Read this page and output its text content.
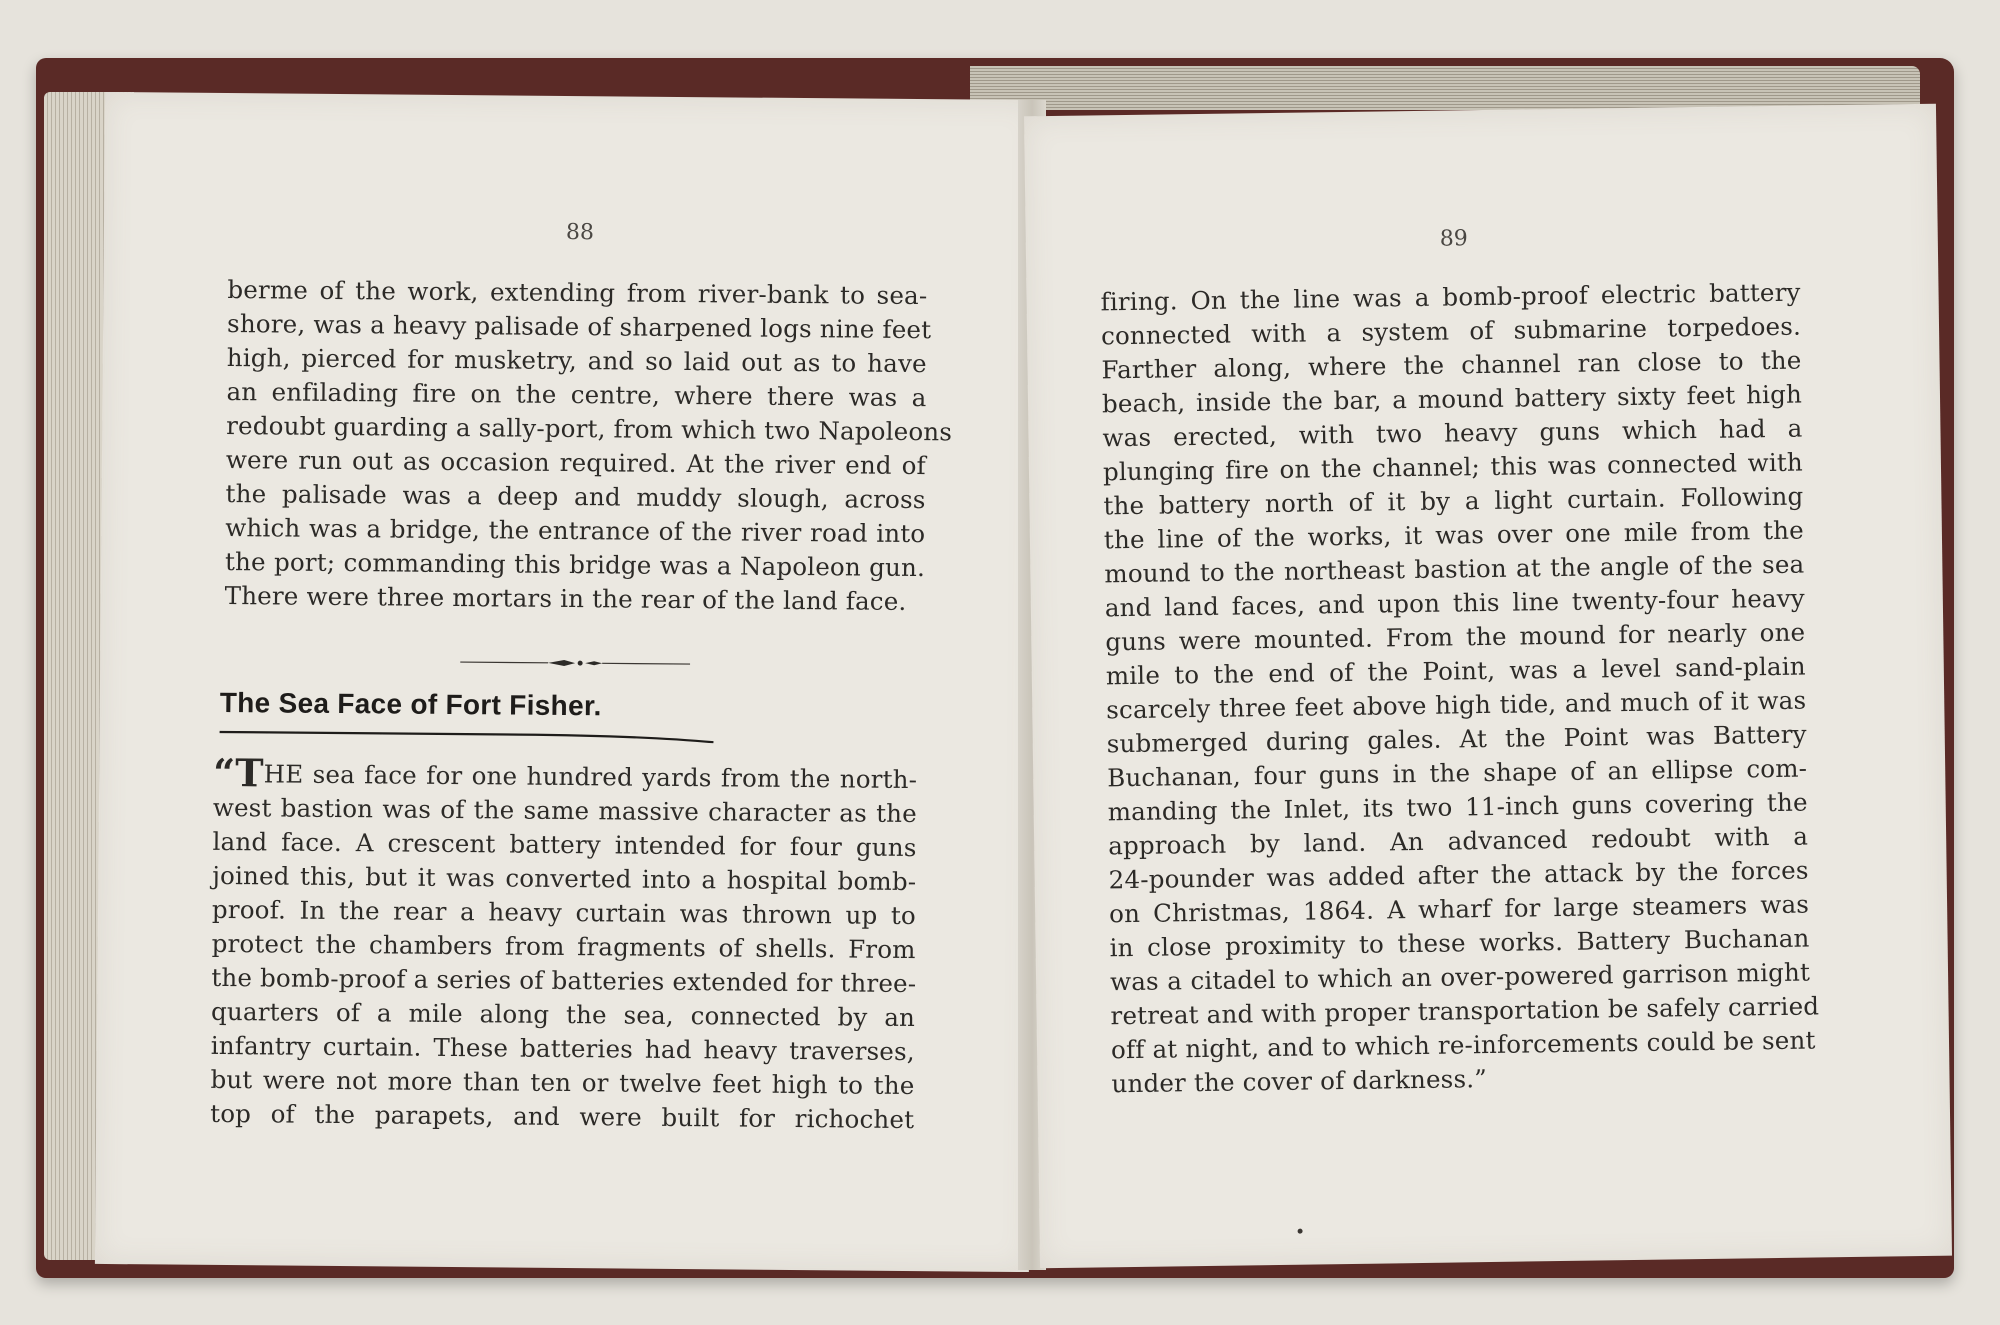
88
berme of the work, extending from river-bank to sea-
shore, was a heavy palisade of sharpened logs nine feet
high, pierced for musketry, and so laid out as to have
an enfilading fire on the centre, where there was a
redoubt guarding a sally-port, from which two Napoleons
were run out as occasion required. At the river end of
the palisade was a deep and muddy slough, across
which was a bridge, the entrance of the river road into
the port; commanding this bridge was a Napoleon gun.
There were three mortars in the rear of the land face.
The Sea Face of Fort Fisher.
“THE sea face for one hundred yards from the north-
west bastion was of the same massive character as the
land face. A crescent battery intended for four guns
joined this, but it was converted into a hospital bomb-
proof. In the rear a heavy curtain was thrown up to
protect the chambers from fragments of shells. From
the bomb-proof a series of batteries extended for three-
quarters of a mile along the sea, connected by an
infantry curtain. These batteries had heavy traverses,
but were not more than ten or twelve feet high to the
top of the parapets, and were built for richochet
89
firing. On the line was a bomb-proof electric battery
connected with a system of submarine torpedoes.
Farther along, where the channel ran close to the
beach, inside the bar, a mound battery sixty feet high
was erected, with two heavy guns which had a
plunging fire on the channel; this was connected with
the battery north of it by a light curtain. Following
the line of the works, it was over one mile from the
mound to the northeast bastion at the angle of the sea
and land faces, and upon this line twenty-four heavy
guns were mounted. From the mound for nearly one
mile to the end of the Point, was a level sand-plain
scarcely three feet above high tide, and much of it was
submerged during gales. At the Point was Battery
Buchanan, four guns in the shape of an ellipse com-
manding the Inlet, its two 11-inch guns covering the
approach by land. An advanced redoubt with a
24-pounder was added after the attack by the forces
on Christmas, 1864. A wharf for large steamers was
in close proximity to these works. Battery Buchanan
was a citadel to which an over-powered garrison might
retreat and with proper transportation be safely carried
off at night, and to which re-inforcements could be sent
under the cover of darkness.”
